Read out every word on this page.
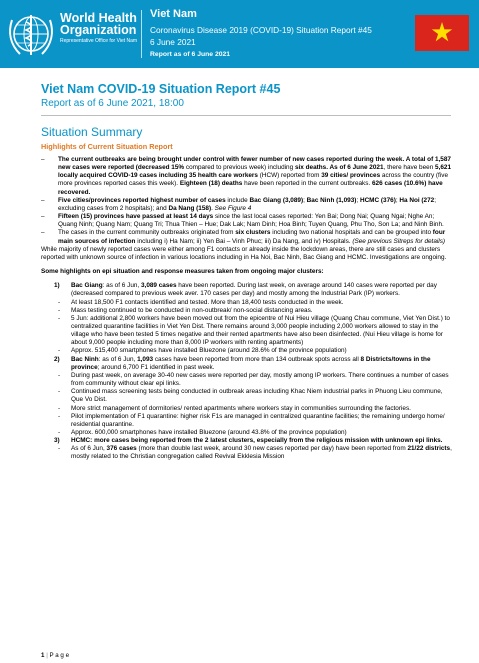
World Health Organization
Representative Office for Viet Nam
Viet Nam
Coronavirus Disease 2019 (COVID-19) Situation Report #45
6 June 2021
Report as of 6 June 2021
Viet Nam COVID-19 Situation Report #45
Report as of 6 June 2021, 18:00
Situation Summary
Highlights of Current Situation Report

– The current outbreaks are being brought under control with fewer number of new cases reported during the week. A total of 1,587 new cases were reported (decreased 15% compared to previous week) including six deaths. As of 6 June 2021, there have been 5,621 locally acquired COVID-19 cases including 35 health care workers (HCW) reported from 39 cities/ provinces across the country (five more provinces reported cases this week). Eighteen (18) deaths have been reported in the current outbreaks. 626 cases (10.6%) have recovered.

– Five cities/provinces reported highest number of cases include Bac Giang (3,089); Bac Ninh (1,093); HCMC (376); Ha Noi (272; excluding cases from 2 hospitals); and Da Nang (158). See Figure 4

– Fifteen (15) provinces have passed at least 14 days since the last local cases reported: Yen Bai; Dong Nai; Quang Ngai; Nghe An; Quang Ninh; Quang Nam; Quang Tri; Thua Thien – Hue; Dak Lak; Nam Dinh; Hoa Binh; Tuyen Quang, Phu Tho, Son La; and Ninh Binh.

– The cases in the current community outbreaks originated from six clusters including two national hospitals and can be grouped into four main sources of infection including i) Ha Nam; ii) Yen Bai – Vinh Phuc; iii) Da Nang, and iv) Hospitals. (See previous Sitreps for details)

While majority of newly reported cases were either among F1 contacts or already inside the lockdown areas, there are still cases and clusters reported with unknown source of infection in various locations including in Ha Noi, Bac Ninh, Bac Giang and HCMC. Investigations are ongoing.

Some highlights on epi situation and response measures taken from ongoing major clusters:

1) Bac Giang: as of 6 Jun, 3,089 cases have been reported. During last week, on average around 140 cases were reported per day (decreased compared to previous week aver. 170 cases per day) and mostly among the Industrial Park (IP) workers.

- At least 18,500 F1 contacts identified and tested. More than 18,400 tests conducted in the week.

- Mass testing continued to be conducted in non-outbreak/ non-social distancing areas.

- 5 Jun: additional 2,800 workers have been moved out from the epicentre of Nui Hieu village (Quang Chau commune, Viet Yen Dist.) to centralized quarantine facilities in Viet Yen Dist. There remains around 3,000 people including 2,000 workers allowed to stay in the village who have been tested 5 times negative and their rented apartments have also been disinfected. (Nui Hieu village is home for about 9,000 people including more than 8,000 IP workers with renting apartments)

- Approx. 515,400 smartphones have installed Bluezone (around 28.6% of the province population)

2) Bac Ninh: as of 6 Jun, 1,093 cases have been reported from more than 134 outbreak spots across all 8 Districts/towns in the province; around 6,700 F1 identified in past week.

- During past week, on average 30-40 new cases were reported per day, mostly among IP workers. There continues a number of cases from community without clear epi links.

- Continued mass screening tests being conducted in outbreak areas including Khac Niem industrial parks in Phuong Lieu commune, Que Vo Dist.

- More strict management of dormitories/ rented apartments where workers stay in communities surrounding the factories.

- Pilot implementation of F1 quarantine: higher risk F1s are managed in centralized quarantine facilities; the remaining undergo home/ residential quarantine.

- Approx. 600,000 smartphones have installed Bluezone (around 43.8% of the province population)

3) HCMC: more cases being reported from the 2 latest clusters, especially from the religious mission with unknown epi links.

- As of 6 Jun, 376 cases (more than double last week, around 30 new cases reported per day) have been reported from 21/22 districts, mostly related to the Christian congregation called Revival Ekklesia Mission

1 | P a g e
